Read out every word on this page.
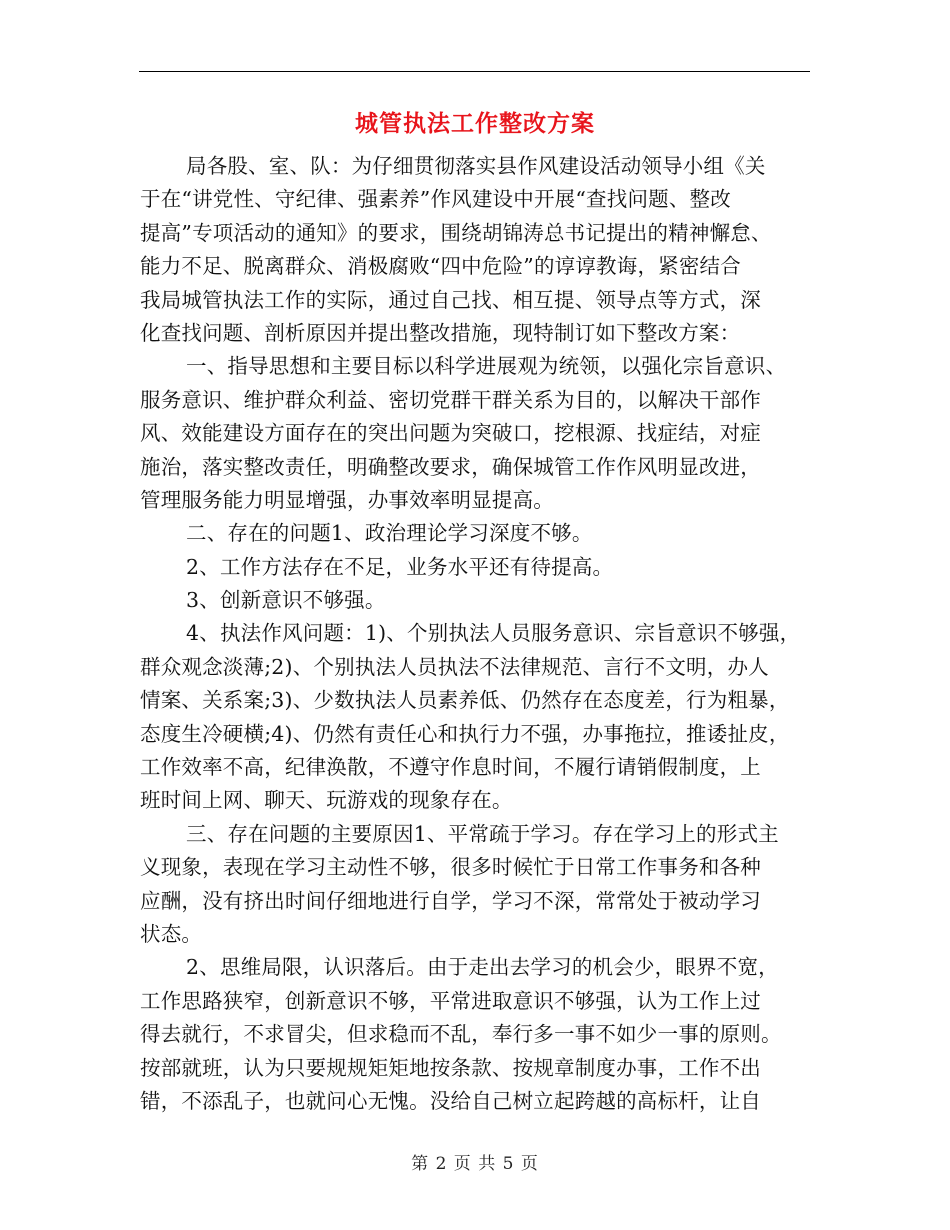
城管执法工作整改方案
局各股、室、队：为仔细贯彻落实县作风建设活动领导小组《关
于在“讲党性、守纪律、强素养”作风建设中开展“查找问题、整改
提高”专项活动的通知》的要求，围绕胡锦涛总书记提出的精神懈怠、
能力不足、脱离群众、消极腐败“四中危险”的谆谆教诲，紧密结合
我局城管执法工作的实际，通过自己找、相互提、领导点等方式，深
化查找问题、剖析原因并提出整改措施，现特制订如下整改方案：
一、指导思想和主要目标以科学进展观为统领，以强化宗旨意识、
服务意识、维护群众利益、密切党群干群关系为目的，以解决干部作
风、效能建设方面存在的突出问题为突破口，挖根源、找症结，对症
施治，落实整改责任，明确整改要求，确保城管工作作风明显改进，
管理服务能力明显增强，办事效率明显提高。
二、存在的问题1、政治理论学习深度不够。
2、工作方法存在不足，业务水平还有待提高。
3、创新意识不够强。
4、执法作风问题：1)、个别执法人员服务意识、宗旨意识不够强，
群众观念淡薄;2)、个别执法人员执法不法律规范、言行不文明，办人
情案、关系案;3)、少数执法人员素养低、仍然存在态度差，行为粗暴，
态度生冷硬横;4)、仍然有责任心和执行力不强，办事拖拉，推诿扯皮，
工作效率不高，纪律涣散，不遵守作息时间，不履行请销假制度，上
班时间上网、聊天、玩游戏的现象存在。
三、存在问题的主要原因1、平常疏于学习。存在学习上的形式主
义现象，表现在学习主动性不够，很多时候忙于日常工作事务和各种
应酬，没有挤出时间仔细地进行自学，学习不深，常常处于被动学习
状态。
2、思维局限，认识落后。由于走出去学习的机会少，眼界不宽，
工作思路狭窄，创新意识不够，平常进取意识不够强，认为工作上过
得去就行，不求冒尖，但求稳而不乱，奉行多一事不如少一事的原则。
按部就班，认为只要规规矩矩地按条款、按规章制度办事，工作不出
错，不添乱子，也就问心无愧。没给自己树立起跨越的高标杆，让自
第 2 页 共 5 页
